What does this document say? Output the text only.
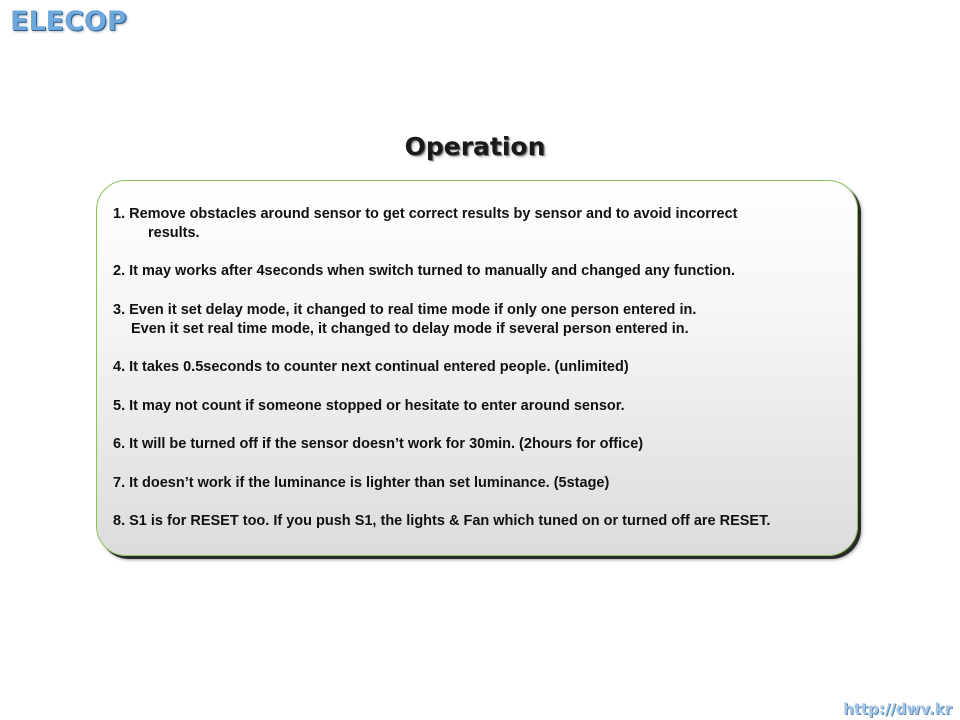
ELECOP
Operation
1. Remove obstacles around sensor to get correct results by sensor and to avoid incorrect
results.
2. It may works after 4seconds when switch turned to manually and changed any function.
3. Even it set delay mode, it changed to real time mode if only one person entered in.
Even it set real time mode, it changed to delay mode if several person entered in.
4. It takes 0.5seconds to counter next continual entered people. (unlimited)
5. It may not count if someone stopped or hesitate to enter around sensor.
6. It will be turned off if the sensor doesn’t work for 30min. (2hours for office)
7. It doesn’t work if the luminance is lighter than set luminance. (5stage)
8. S1 is for RESET too. If you push S1, the lights & Fan which tuned on or turned off are RESET.
http://dwv.kr
